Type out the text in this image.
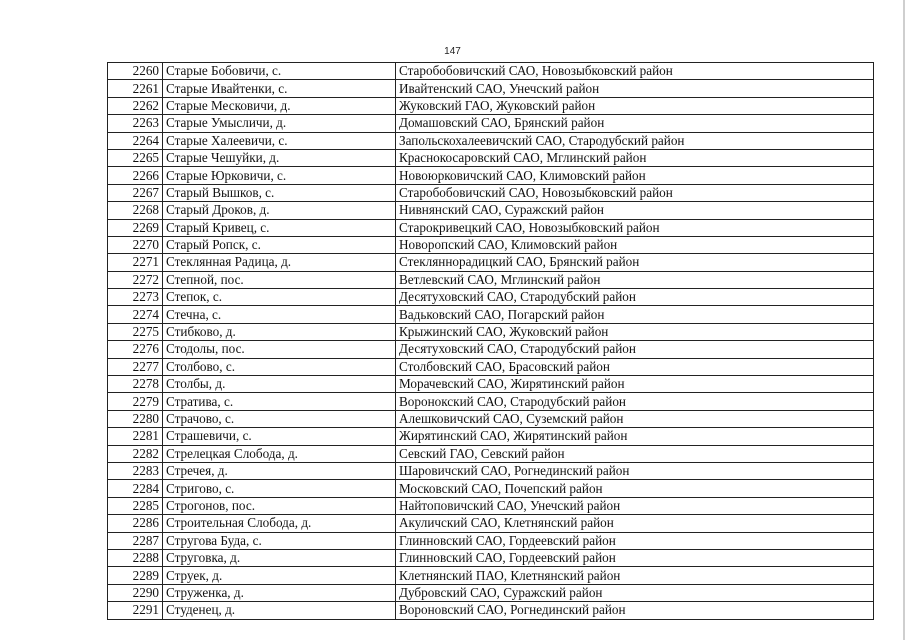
147
2260	Старые Бобовичи, с.	Старобобовичский САО, Новозыбковский район
2261	Старые Ивайтенки, с.	Ивайтенский САО, Унечский район
2262	Старые Месковичи, д.	Жуковский ГАО, Жуковский район
2263	Старые Умысличи, д.	Домашовский САО, Брянский район
2264	Старые Халеевичи, с.	Запольскохалеевичский САО, Стародубский район
2265	Старые Чешуйки, д.	Краснокосаровский САО, Мглинский район
2266	Старые Юрковичи, с.	Новоюрковичский САО, Климовский район
2267	Старый Вышков, с.	Старобобовичский САО, Новозыбковский район
2268	Старый Дроков, д.	Нивнянский САО, Суражский район
2269	Старый Кривец, с.	Старокривецкий САО, Новозыбковский район
2270	Старый Ропск, с.	Новоропский САО, Климовский район
2271	Стеклянная Радица, д.	Стекляннорадицкий САО, Брянский район
2272	Степной, пос.	Ветлевский САО, Мглинский район
2273	Степок, с.	Десятуховский САО, Стародубский район
2274	Стечна, с.	Вадьковский САО, Погарский район
2275	Стибково, д.	Крыжинский САО, Жуковский район
2276	Стодолы, пос.	Десятуховский САО, Стародубский район
2277	Столбово, с.	Столбовский САО, Брасовский район
2278	Столбы, д.	Морачевский САО, Жирятинский район
2279	Стратива, с.	Воронокский САО, Стародубский район
2280	Страчово, с.	Алешковичский САО, Суземский район
2281	Страшевичи, с.	Жирятинский САО, Жирятинский район
2282	Стрелецкая Слобода, д.	Севский ГАО, Севский район
2283	Стречея, д.	Шаровичский САО, Рогнединский район
2284	Стригово, с.	Московский САО, Почепский район
2285	Строгонов, пос.	Найтоповичский САО, Унечский район
2286	Строительная Слобода, д.	Акуличский САО, Клетнянский район
2287	Стругова Буда, с.	Глинновский САО, Гордеевский район
2288	Струговка, д.	Глинновский САО, Гордеевский район
2289	Струек, д.	Клетнянский ПАО, Клетнянский район
2290	Струженка, д.	Дубровский САО, Суражский район
2291	Студенец, д.	Вороновский САО, Рогнединский район
